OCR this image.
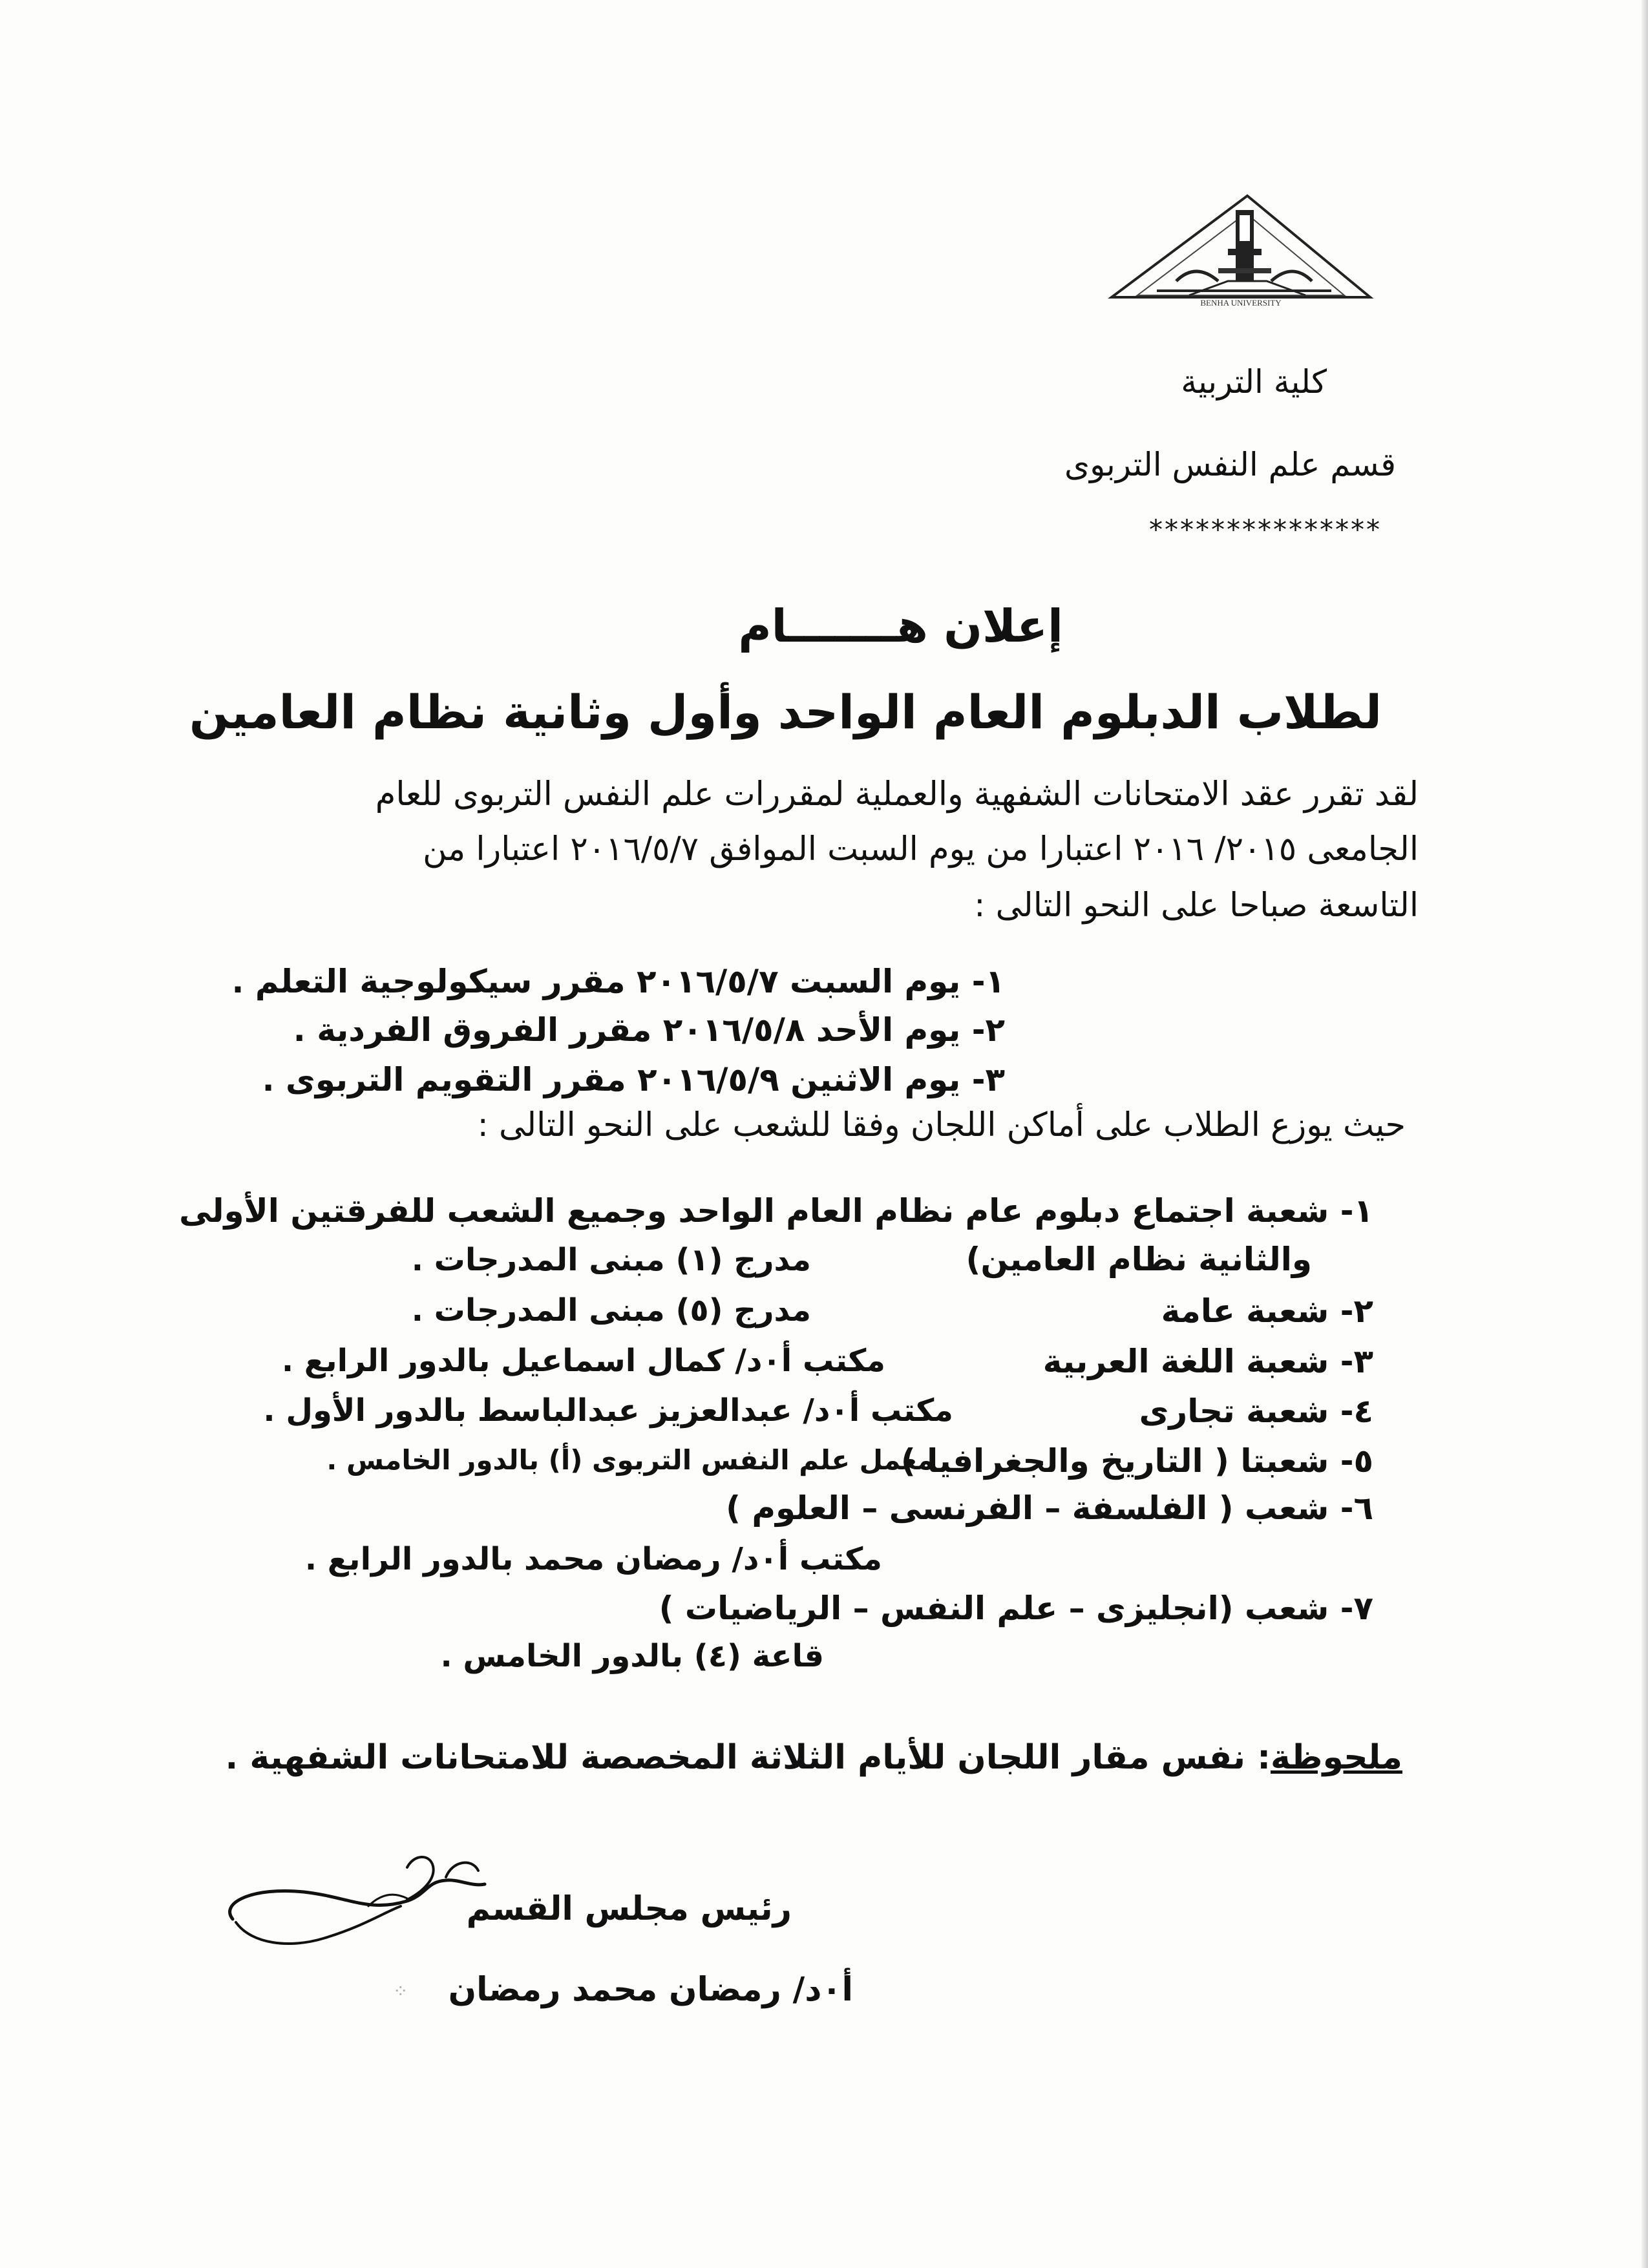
BENHA UNIVERSITY
كلية التربية
قسم علم النفس التربوى
***************
إعلان هـــــــام
لطلاب الدبلوم العام الواحد وأول وثانية نظام العامين
لقد تقرر عقد الامتحانات الشفهية والعملية لمقررات علم النفس التربوى للعام
الجامعى ٢٠١٥/ ٢٠١٦ اعتبارا من يوم السبت الموافق ٢٠١٦/٥/٧ اعتبارا من
التاسعة صباحا على النحو التالى :
١- يوم السبت ٢٠١٦/٥/٧ مقرر سيكولوجية التعلم .
٢- يوم الأحد ٢٠١٦/٥/٨ مقرر الفروق الفردية .
٣- يوم الاثنين ٢٠١٦/٥/٩ مقرر التقويم التربوى .
حيث يوزع الطلاب على أماكن اللجان وفقا للشعب على النحو التالى :
١- شعبة اجتماع دبلوم عام نظام العام الواحد وجميع الشعب للفرقتين الأولى
والثانية نظام العامين)
مدرج (١) مبنى المدرجات .
٢- شعبة عامة
مدرج (٥) مبنى المدرجات .
٣- شعبة اللغة العربية
مكتب أ٠د/ كمال اسماعيل بالدور الرابع .
٤- شعبة تجارى
مكتب أ٠د/ عبدالعزيز عبدالباسط بالدور الأول .
٥- شعبتا ( التاريخ والجغرافيا )
معمل علم النفس التربوى (أ) بالدور الخامس .
٦- شعب ( الفلسفة – الفرنسى – العلوم )
مكتب أ٠د/ رمضان محمد بالدور الرابع .
٧- شعب (انجليزى – علم النفس – الرياضيات )
قاعة (٤) بالدور الخامس .
ملحوظة: نفس مقار اللجان للأيام الثلاثة المخصصة للامتحانات الشفهية .
رئيس مجلس القسم
أ٠د/ رمضان محمد رمضان
⁘
